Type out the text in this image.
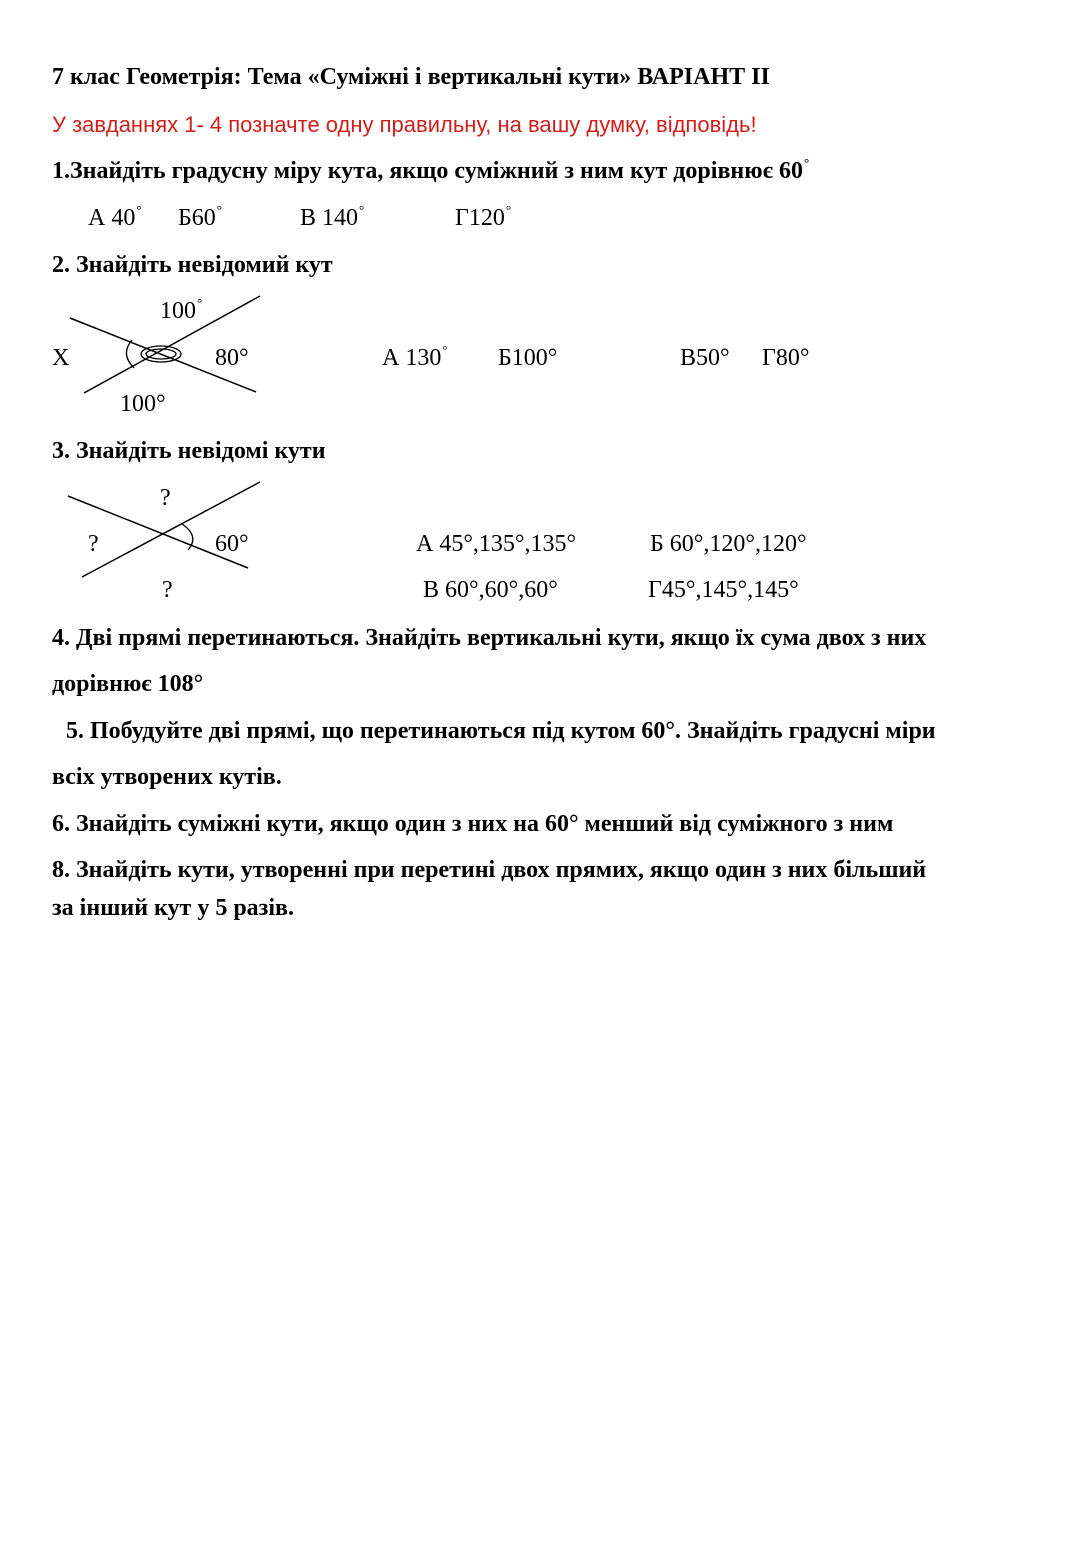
7 клас Геометрія: Тема «Суміжні і вертикальні кути» ВАРІАНТ ІІ
У завданнях 1- 4 позначте одну правильну, на вашу думку, відповідь!
1.Знайдіть градусну міру кута, якщо суміжний з ним кут дорівнює 60°
А 40° Б60°	В 140°	Г120°
2. Знайдіть невідомий кут
100°
Х	80°
100°
А 130° Б100°	В50° Г80°
3. Знайдіть невідомі кути
?
?	60°
?
А 45°,135°,135°	Б 60°,120°,120°
В 60°,60°,60°	Г45°,145°,145°
4. Дві прямі перетинаються. Знайдіть вертикальні кути, якщо їх сума двох з них
дорівнює 108°
5. Побудуйте дві прямі, що перетинаються під кутом 60°. Знайдіть градусні міри
всіх утворених кутів.
6. Знайдіть суміжні кути, якщо один з них на 60° менший від суміжного з ним
8. Знайдіть кути, утворенні при перетині двох прямих, якщо один з них більший
за інший кут у 5 разів.
